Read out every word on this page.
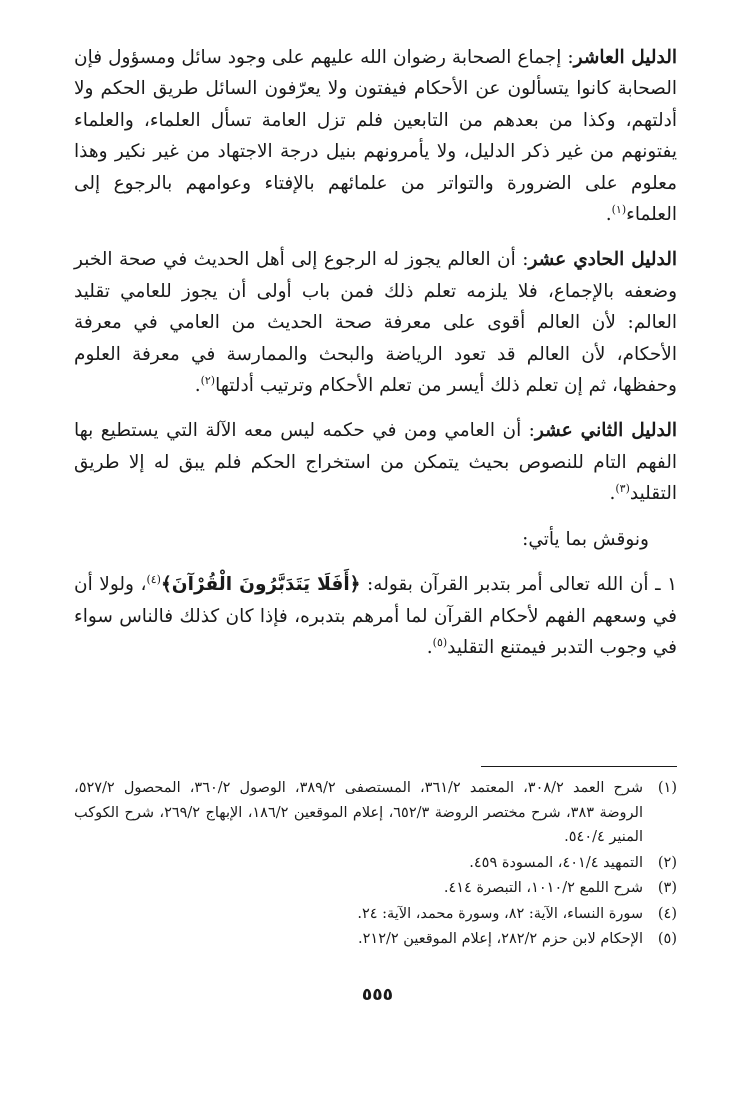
الدليل العاشر: إجماع الصحابة رضوان الله عليهم على وجود سائل ومسؤول فإن الصحابة كانوا يتسألون عن الأحكام فيفتون ولا يعرّفون السائل طريق الحكم ولا أدلتهم، وكذا من بعدهم من التابعين فلم تزل العامة تسأل العلماء، والعلماء يفتونهم من غير ذكر الدليل، ولا يأمرونهم بنيل درجة الاجتهاد من غير نكير وهذا معلوم على الضرورة والتواتر من علمائهم بالإفتاء وعوامهم بالرجوع إلى العلماء$^{(١)}$.

الدليل الحادي عشر: أن العالم يجوز له الرجوع إلى أهل الحديث في صحة الخبر وضعفه بالإجماع، فلا يلزمه تعلم ذلك فمن باب أولى أن يجوز للعامي تقليد العالم: لأن العالم أقوى على معرفة صحة الحديث من العامي في معرفة الأحكام، لأن العالم قد تعود الرياضة والبحث والممارسة في معرفة العلوم وحفظها، ثم إن تعلم ذلك أيسر من تعلم الأحكام وترتيب أدلتها$^{(٢)}$.

الدليل الثاني عشر: أن العامي ومن في حكمه ليس معه الآلة التي يستطيع بها الفهم التام للنصوص بحيث يتمكن من استخراج الحكم فلم يبق له إلا طريق التقليد$^{(٣)}$.

ونوقش بما يأتي:

١ ـ أن الله تعالى أمر بتدبر القرآن بقوله: ﴿أَفَلَا يَتَدَبَّرُونَ الْقُرْآنَ﴾$^{(٤)}$، ولولا أن في وسعهم الفهم لأحكام القرآن لما أمرهم بتدبره، فإذا كان كذلك فالناس سواء في وجوب التدبر فيمتنع التقليد$^{(٥)}$.

(١)
شرح العمد ٣٠٨/٢، المعتمد ٣٦١/٢، المستصفى ٣٨٩/٢، الوصول ٣٦٠/٢، المحصول ٥٢٧/٢، الروضة ٣٨٣، شرح مختصر الروضة ٦٥٢/٣، إعلام الموقعين ١٨٦/٢، الإبهاج ٢٦٩/٢، شرح الكوكب المنير ٥٤٠/٤.
(٢)
التمهيد ٤٠١/٤، المسودة ٤٥٩.
(٣)
شرح اللمع ١٠١٠/٢، التبصرة ٤١٤.
(٤)
سورة النساء، الآية: ٨٢، وسورة محمد، الآية: ٢٤.
(٥)
الإحكام لابن حزم ٢٨٢/٢، إعلام الموقعين ٢١٢/٢.
٥٥٥
